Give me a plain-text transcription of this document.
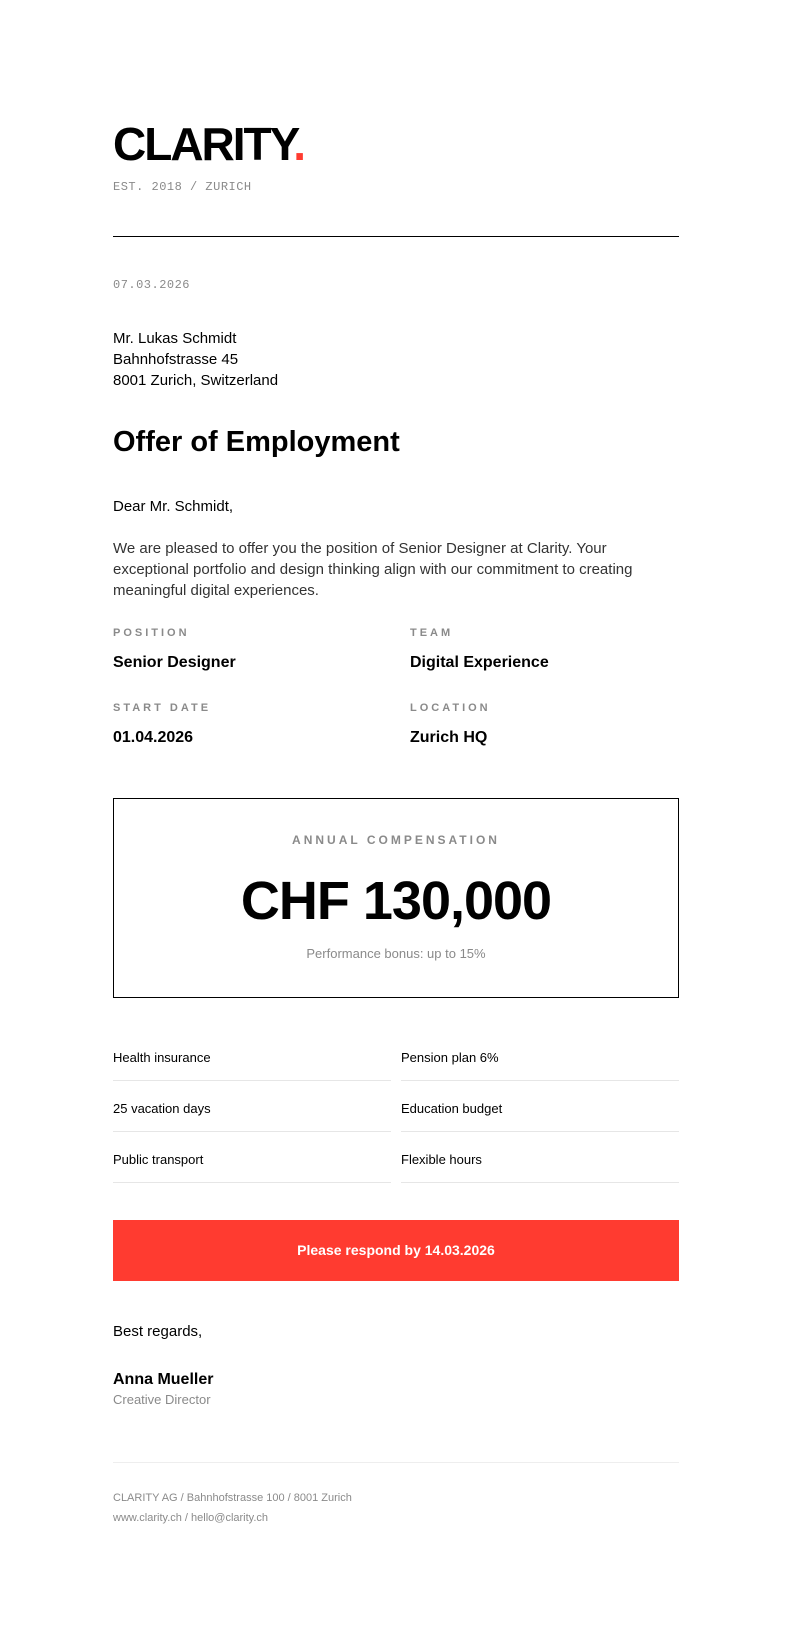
CLARITY.
EST. 2018 / ZURICH
07.03.2026
Mr. Lukas Schmidt
Bahnhofstrasse 45
8001 Zurich, Switzerland
Offer of Employment
Dear Mr. Schmidt,
We are pleased to offer you the position of Senior Designer at Clarity. Your exceptional portfolio and design thinking align with our commitment to creating meaningful digital experiences.
POSITION
Senior Designer
TEAM
Digital Experience
START DATE
01.04.2026
LOCATION
Zurich HQ
ANNUAL COMPENSATION
CHF 130,000
Performance bonus: up to 15%
Health insurance	Pension plan 6%
25 vacation days	Education budget
Public transport	Flexible hours
Please respond by 14.03.2026
Best regards,
Anna Mueller
Creative Director
CLARITY AG / Bahnhofstrasse 100 / 8001 Zurich
www.clarity.ch / hello@clarity.ch
